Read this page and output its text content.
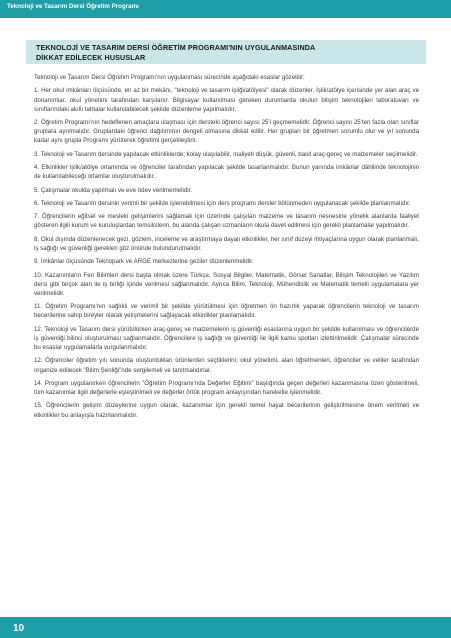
Teknoloji ve Tasarım Dersi Öğretim Programı
TEKNOLOJİ VE TASARIM DERSİ ÖĞRETİM PROGRAMI'NIN UYGULANMASINDA
DİKKAT EDİLECEK HUSUSLAR

Teknoloji ve Tasarım Dersi Öğretim Programı'nın uygulanması sürecinde aşağıdaki esaslar gözetilir:

1. Her okul imkânları ölçüsünde, en az bir mekânı, "teknoloji ve tasarım işliği/atölyesi" olarak düzenler. İşlik/atölye içerisinde yer alan araç ve donanımlar, okul yönetimi tarafından karşılanır. Bilgisayar kullanılması gereken durumlarda okulun bilişim teknolojileri laboratuvarı ve sınıflarındaki akıllı tahtalar kullanılabilecek şekilde düzenleme yapılmalıdır.

2. Öğretim Programı'nın hedeflenen amaçlara ulaşması için dersteki öğrenci sayısı 25'i geçmemelidir. Öğrenci sayısı 25'ten fazla olan sınıflar gruplara ayrılmalıdır. Gruplardaki öğrenci dağılımının dengeli olmasına dikkat edilir. Her grupları bir öğretmen sorumlu olur ve yıl sonunda kadar aynı grupla Programı yürüterek öğretimi gerçekleştirir.

3. Teknoloji ve Tasarım dersinde yapılacak etkinliklerde; kolay ulaşılabilir, maliyeti düşük, güvenli, basit araç-gereç ve malzemeler seçilmelidir.

4. Etkinlikler işlik/atölye ortamında ve öğrenciler tarafından yapılacak şekilde tasarlanmalıdır. Bunun yanında imkânlar dâhilinde teknolojinin de kullanılabileceği ortamlar oluşturulmalıdır.

5. Çalışmalar okulda yapılmalı ve eve ödev verilmemelidir.

6. Teknoloji ve Tasarım dersinin verimli bir şekilde işlenebilmesi için ders programı dersler bölünmeden uygulanacak şekilde planlanmalıdır.

7. Öğrencilerin eğitsel ve mesleki gelişimlerini sağlamak için üzerinde çalışılan malzeme ve tasarım nesnesine yönelik alanlarda faaliyet gösteren ilgili kurum ve kuruluşlardan temsilcilerin, bu alanda çalışan uzmanların okula davet edilmesi için gerekli planlamalar yapılmalıdır.

8. Okul dışında düzenlenecek gezi, gözlem, inceleme ve araştırmaya dayalı etkinlikler, her sınıf düzeyi ihtiyaçlarına uygun olarak planlanmalı, iş sağlığı ve güvenliği gerekleri göz önünde bulundurulmalıdır.

9. İmkânlar ölçüsünde Teknopark ve ARGE merkezlerine geziler düzenlenmelidir.

10. Kazanımların Fen Bilimleri dersi başta olmak üzere Türkçe, Sosyal Bilgiler, Matematik, Görsel Sanatlar, Bilişim Teknolojileri ve Yazılım dersi gibi birçok alan ile iş birliği içinde verilmesi sağlanmalıdır. Ayrıca Bilim, Teknoloji, Mühendislik ve Matematik temelli uygulamalara yer verilmelidir.

11. Öğretim Programı'nın sağlıklı ve verimli bir şekilde yürütülmesi için öğretmen ön hazırlık yaparak öğrencilerin teknoloji ve tasarım becerilerine sahip bireyler olarak yetişmelerini sağlayacak etkinlikler planlamalıdır.

12. Teknoloji ve Tasarım dersi yürütülürken araç-gereç ve malzemelerin iş güvenliği esaslarına uygun bir şekilde kullanılması ve öğrencilerde iş güvenliği bilinci oluşturulması sağlanmalıdır. Öğrencilere iş sağlığı ve güvenliği ile ilgili kamu spotları izlettirilmelidir. Çalışmalar sürecinde bu esaslar uygulamalarla vurgulanmalıdır.

12. Öğrenciler öğretim yılı sonunda oluşturdukları ürünlerden seçtiklerini; okul yönetimi, alan öğretmenleri, öğrenciler ve veliler tarafından organize edilecek "Bilim Şenliği"nde sergilemeli ve tanıtmalıdırlar.

14. Program uygulanırken öğrencilerin "Öğretim Programı'nda Değerler Eğitimi" başlığında geçen değerleri kazanmasına özen gösterilmeli, tüm kazanımlar ilgili değerlerle eşleştirilmeli ve değerler örtük program anlayışından hareketle işlenmelidir.

15. Öğrencilerin gelişim düzeylerine uygun olarak, kazanımlar için gerekli temel hayat becerilerinin geliştirilmesine önem verilmeli ve etkinlikler bu anlayışla hazırlanmalıdır.

10
